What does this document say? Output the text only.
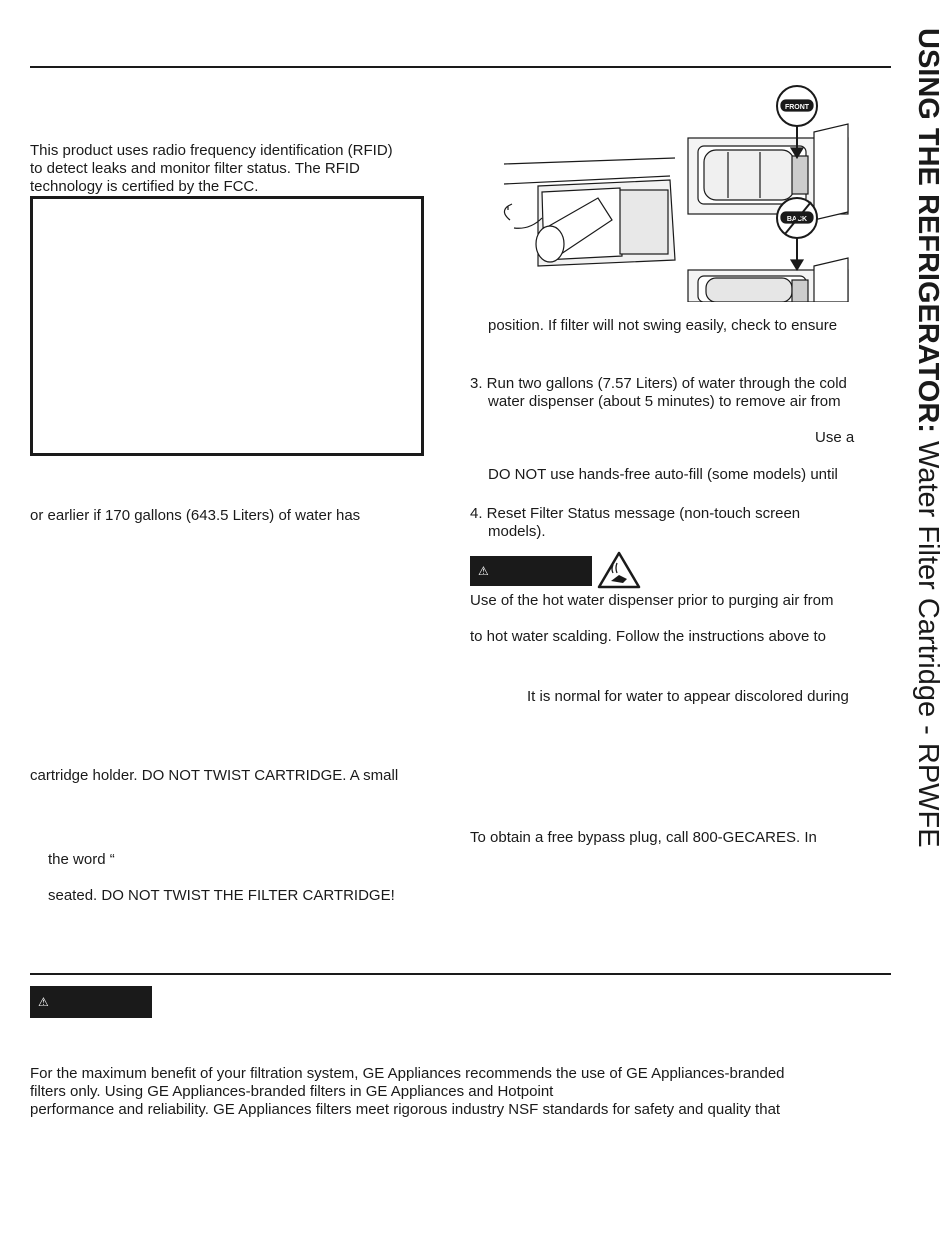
USING THE REFRIGERATOR: Water Filter Cartridge - RPWFE
This product uses radio frequency identification (RFID)
to detect leaks and monitor filter status. The RFID
technology is certified by the FCC.
or earlier if 170 gallons (643.5 Liters) of water has
cartridge holder. DO NOT TWIST CARTRIDGE. A small
the word “
seated. DO NOT TWIST THE FILTER CARTRIDGE!
FRONT
BACK
position. If filter will not swing easily, check to ensure
3. Run two gallons (7.57 Liters) of water through the cold
water dispenser (about 5 minutes) to remove air from
Use a
DO NOT use hands-free auto-fill (some models) until
4. Reset Filter Status message (non-touch screen
models).
⚠
Use of the hot water dispenser prior to purging air from
to hot water scalding. Follow the instructions above to
It is normal for water to appear discolored during
To obtain a free bypass plug, call 800-GECARES. In
⚠
For the maximum benefit of your filtration system, GE Appliances recommends the use of GE Appliances-branded
filters only. Using GE Appliances-branded filters in GE Appliances and Hotpoint
performance and reliability. GE Appliances filters meet rigorous industry NSF standards for safety and quality that
